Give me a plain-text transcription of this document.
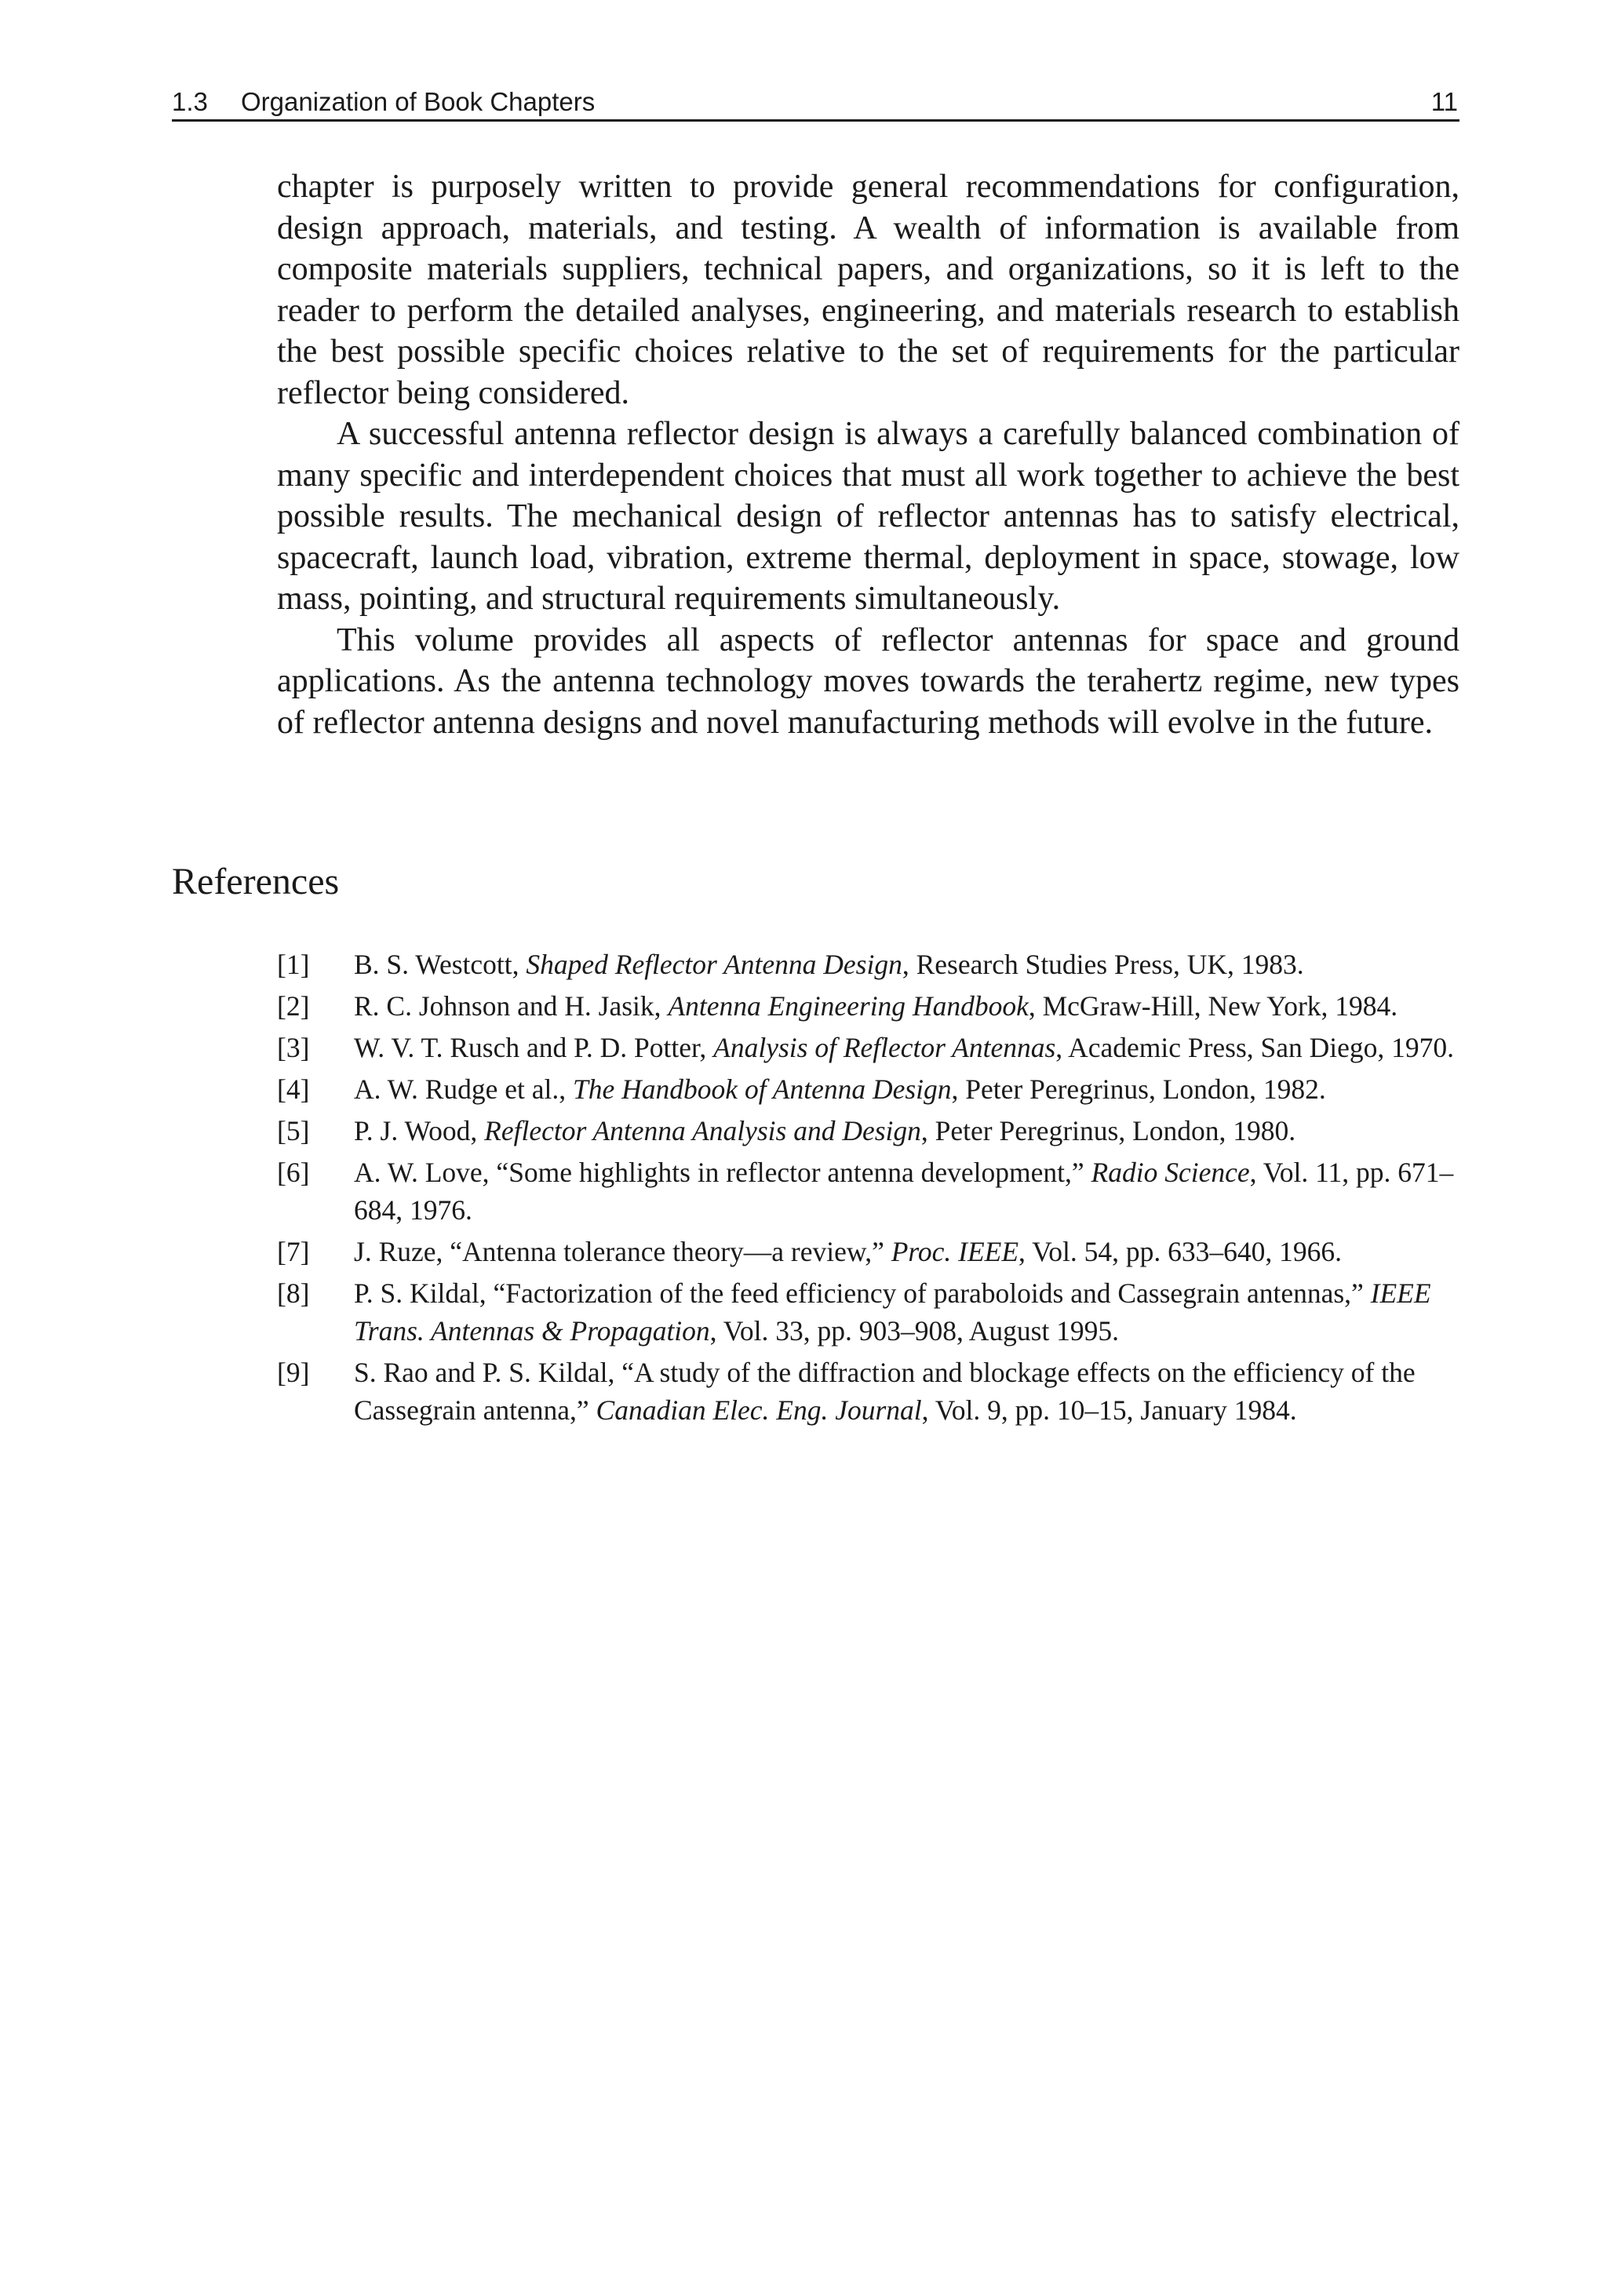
1.3 Organization of Book Chapters	11

chapter is purposely written to provide general recommendations for configuration, design approach, materials, and testing. A wealth of information is available from composite materials suppliers, technical papers, and organizations, so it is left to the reader to perform the detailed analyses, engineering, and materials research to establish the best possible specific choices relative to the set of requirements for the particular reflector being considered.

A successful antenna reflector design is always a carefully balanced combination of many specific and interdependent choices that must all work together to achieve the best possible results. The mechanical design of reflector antennas has to satisfy electrical, spacecraft, launch load, vibration, extreme thermal, deployment in space, stowage, low mass, pointing, and structural requirements simultaneously.

This volume provides all aspects of reflector antennas for space and ground applications. As the antenna technology moves towards the terahertz regime, new types of reflector antenna designs and novel manufacturing methods will evolve in the future.

References
[1] B. S. Westcott, Shaped Reflector Antenna Design, Research Studies Press, UK, 1983.
[2] R. C. Johnson and H. Jasik, Antenna Engineering Handbook, McGraw-Hill, New York, 1984.
[3] W. V. T. Rusch and P. D. Potter, Analysis of Reflector Antennas, Academic Press, San Diego, 1970.
[4] A. W. Rudge et al., The Handbook of Antenna Design, Peter Peregrinus, London, 1982.
[5] P. J. Wood, Reflector Antenna Analysis and Design, Peter Peregrinus, London, 1980.
[6] A. W. Love, “Some highlights in reflector antenna development,” Radio Science, Vol. 11, pp. 671–684, 1976.
[7] J. Ruze, “Antenna tolerance theory—a review,” Proc. IEEE, Vol. 54, pp. 633–640, 1966.
[8] P. S. Kildal, “Factorization of the feed efficiency of paraboloids and Cassegrain antennas,” IEEE Trans. Antennas & Propagation, Vol. 33, pp. 903–908, August 1995.
[9] S. Rao and P. S. Kildal, “A study of the diffraction and blockage effects on the efficiency of the Cassegrain antenna,” Canadian Elec. Eng. Journal, Vol. 9, pp. 10–15, January 1984.
